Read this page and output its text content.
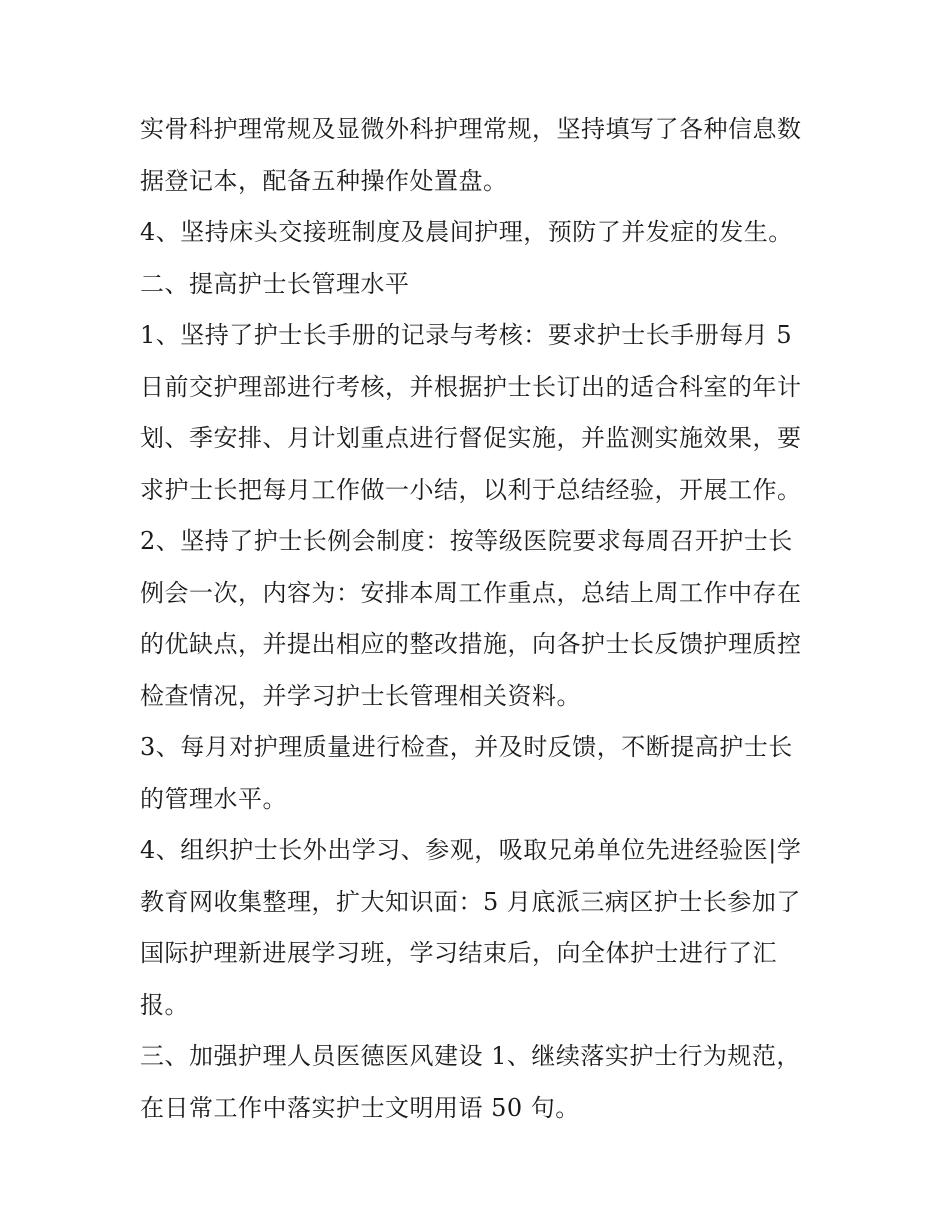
实骨科护理常规及显微外科护理常规，坚持填写了各种信息数
据登记本，配备五种操作处置盘。
4、坚持床头交接班制度及晨间护理，预防了并发症的发生。
二、提高护士长管理水平
1、坚持了护士长手册的记录与考核：要求护士长手册每月 5
日前交护理部进行考核，并根据护士长订出的适合科室的年计
划、季安排、月计划重点进行督促实施，并监测实施效果，要
求护士长把每月工作做一小结，以利于总结经验，开展工作。
2、坚持了护士长例会制度：按等级医院要求每周召开护士长
例会一次，内容为：安排本周工作重点，总结上周工作中存在
的优缺点，并提出相应的整改措施，向各护士长反馈护理质控
检查情况，并学习护士长管理相关资料。
3、每月对护理质量进行检查，并及时反馈，不断提高护士长
的管理水平。
4、组织护士长外出学习、参观，吸取兄弟单位先进经验医|学
教育网收集整理，扩大知识面：5 月底派三病区护士长参加了
国际护理新进展学习班，学习结束后，向全体护士进行了汇
报。
三、加强护理人员医德医风建设 1、继续落实护士行为规范，
在日常工作中落实护士文明用语 50 句。
